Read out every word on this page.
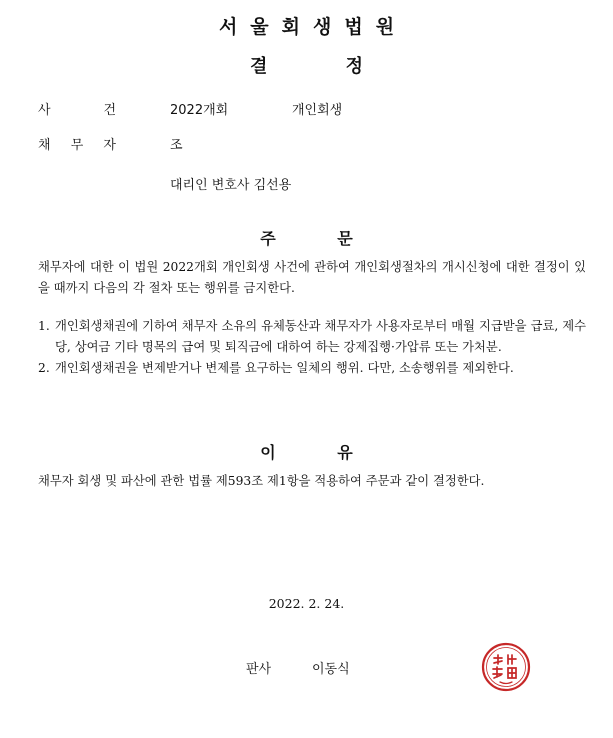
서울회생법원
결 정
사 건	2022개회	개인회생
채 무 자	조
대리인 변호사 김선용
주 문

채무자에 대한 이 법원 2022개회 개인회생 사건에 관하여 개인회생절차의 개시신청에 대한 결정이 있을 때까지 다음의 각 절차 또는 행위를 금지한다.

1. 개인회생채권에 기하여 채무자 소유의 유체동산과 채무자가 사용자로부터 매월 지급받을 급료, 제수당, 상여금 기타 명목의 급여 및 퇴직금에 대하여 하는 강제집행·가압류 또는 가처분.
2. 개인회생채권을 변제받거나 변제를 요구하는 일체의 행위. 다만, 소송행위를 제외한다.
이 유

채무자 회생 및 파산에 관한 법률 제593조 제1항을 적용하여 주문과 같이 결정한다.

2022. 2. 24.
판사	이동식
